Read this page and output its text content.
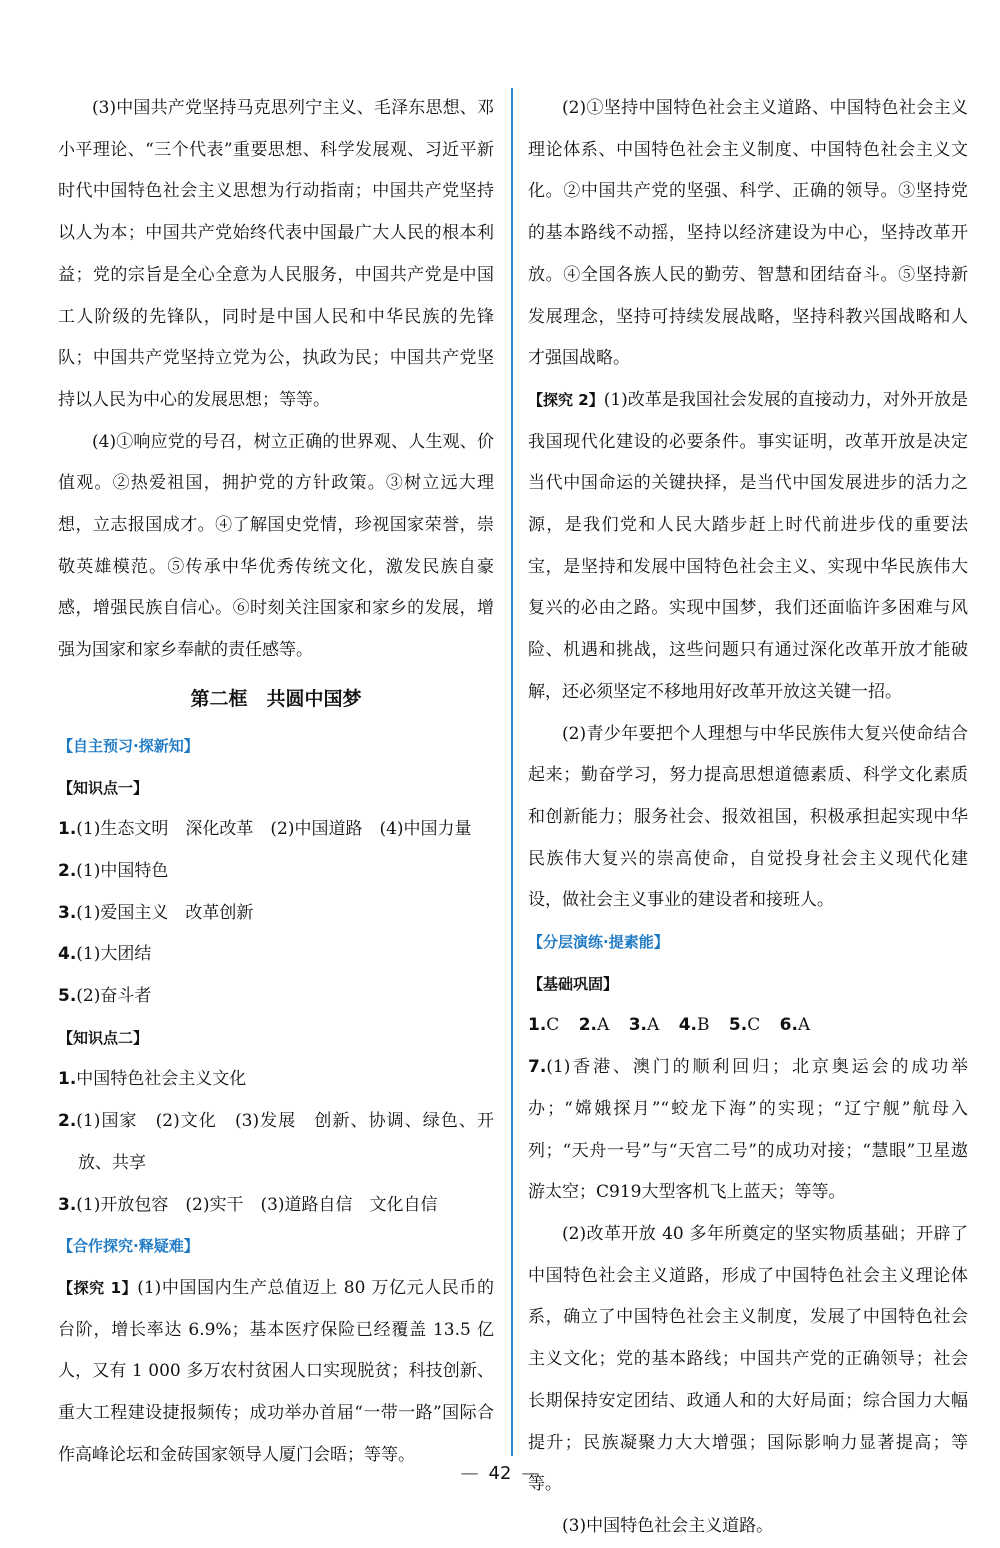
(3)中国共产党坚持马克思列宁主义、毛泽东思想、邓小平理论、“三个代表”重要思想、科学发展观、习近平新时代中国特色社会主义思想为行动指南；中国共产党坚持以人为本；中国共产党始终代表中国最广大人民的根本利益；党的宗旨是全心全意为人民服务，中国共产党是中国工人阶级的先锋队，同时是中国人民和中华民族的先锋队；中国共产党坚持立党为公，执政为民；中国共产党坚持以人民为中心的发展思想；等等。

(4)①响应党的号召，树立正确的世界观、人生观、价值观。②热爱祖国，拥护党的方针政策。③树立远大理想，立志报国成才。④了解国史党情，珍视国家荣誉，崇敬英雄模范。⑤传承中华优秀传统文化，激发民族自豪感，增强民族自信心。⑥时刻关注国家和家乡的发展，增强为国家和家乡奉献的责任感等。

第二框　共圆中国梦

【自主预习·探新知】

【知识点一】

1.(1)生态文明　深化改革　(2)中国道路　(4)中国力量

2.(1)中国特色

3.(1)爱国主义　改革创新

4.(1)大团结

5.(2)奋斗者

【知识点二】

1.中国特色社会主义文化

2.(1)国家　(2)文化　(3)发展　创新、协调、绿色、开放、共享

3.(1)开放包容　(2)实干　(3)道路自信　文化自信

【合作探究·释疑难】

【探究 1】(1)中国国内生产总值迈上 80 万亿元人民币的台阶，增长率达 6.9%；基本医疗保险已经覆盖 13.5 亿人，又有 1 000 多万农村贫困人口实现脱贫；科技创新、重大工程建设捷报频传；成功举办首届“一带一路”国际合作高峰论坛和金砖国家领导人厦门会晤；等等。

(2)①坚持中国特色社会主义道路、中国特色社会主义理论体系、中国特色社会主义制度、中国特色社会主义文化。②中国共产党的坚强、科学、正确的领导。③坚持党的基本路线不动摇，坚持以经济建设为中心，坚持改革开放。④全国各族人民的勤劳、智慧和团结奋斗。⑤坚持新发展理念，坚持可持续发展战略，坚持科教兴国战略和人才强国战略。

【探究 2】(1)改革是我国社会发展的直接动力，对外开放是我国现代化建设的必要条件。事实证明，改革开放是决定当代中国命运的关键抉择，是当代中国发展进步的活力之源，是我们党和人民大踏步赶上时代前进步伐的重要法宝，是坚持和发展中国特色社会主义、实现中华民族伟大复兴的必由之路。实现中国梦，我们还面临许多困难与风险、机遇和挑战，这些问题只有通过深化改革开放才能破解，还必须坚定不移地用好改革开放这关键一招。

(2)青少年要把个人理想与中华民族伟大复兴使命结合起来；勤奋学习，努力提高思想道德素质、科学文化素质和创新能力；服务社会、报效祖国，积极承担起实现中华民族伟大复兴的崇高使命，自觉投身社会主义现代化建设，做社会主义事业的建设者和接班人。

【分层演练·提素能】

【基础巩固】

1.C 2.A 3.A 4.B 5.C 6.A

7.(1)香港、澳门的顺利回归；北京奥运会的成功举办；“嫦娥探月”“蛟龙下海”的实现；“辽宁舰”航母入列；“天舟一号”与“天宫二号”的成功对接；“慧眼”卫星遨游太空；C919大型客机飞上蓝天；等等。

(2)改革开放 40 多年所奠定的坚实物质基础；开辟了中国特色社会主义道路，形成了中国特色社会主义理论体系，确立了中国特色社会主义制度，发展了中国特色社会主义文化；党的基本路线；中国共产党的正确领导；社会长期保持安定团结、政通人和的大好局面；综合国力大幅提升；民族凝聚力大大增强；国际影响力显著提高；等等。

(3)中国特色社会主义道路。

— 42 —
